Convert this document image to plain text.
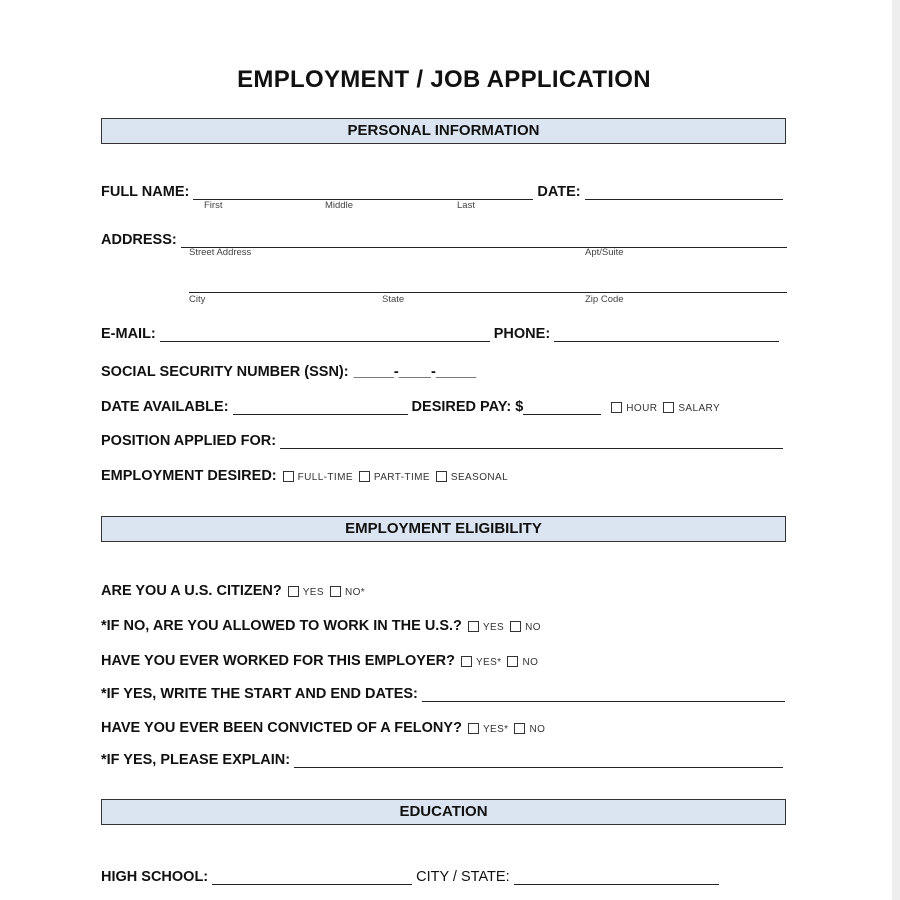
EMPLOYMENT / JOB APPLICATION
PERSONAL INFORMATION
FULL NAME:	DATE:
First	Middle	Last
ADDRESS:
Street Address	Apt/Suite
City	State	Zip Code
E-MAIL:	PHONE:
SOCIAL SECURITY NUMBER (SSN): _____-____-_____
DATE AVAILABLE:	DESIRED PAY: $	HOUR SALARY
POSITION APPLIED FOR:
EMPLOYMENT DESIRED: FULL-TIME PART-TIME SEASONAL
EMPLOYMENT ELIGIBILITY
ARE YOU A U.S. CITIZEN? YES NO*
*IF NO, ARE YOU ALLOWED TO WORK IN THE U.S.? YES NO
HAVE YOU EVER WORKED FOR THIS EMPLOYER? YES* NO
*IF YES, WRITE THE START AND END DATES:
HAVE YOU EVER BEEN CONVICTED OF A FELONY? YES* NO
*IF YES, PLEASE EXPLAIN:
EDUCATION
HIGH SCHOOL:	CITY / STATE:
